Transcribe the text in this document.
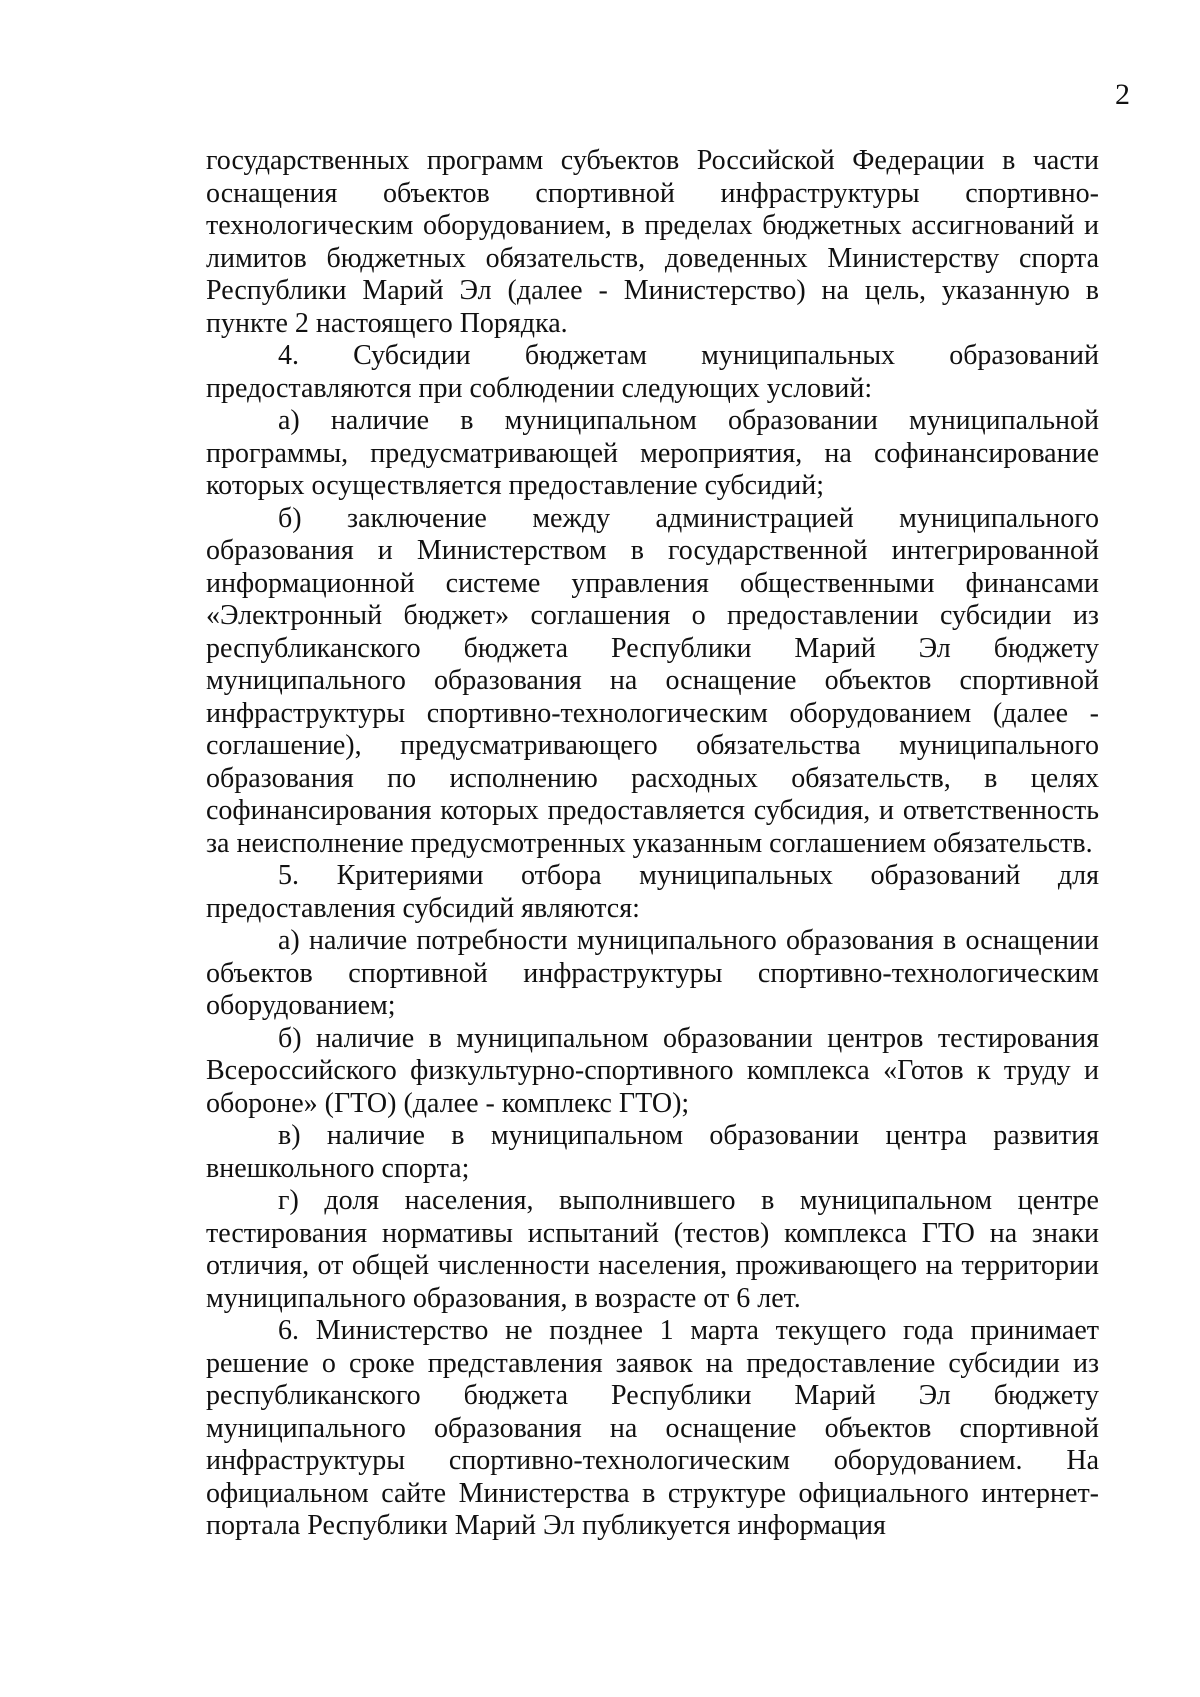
2

государственных программ субъектов Российской Федерации в части оснащения объектов спортивной инфраструктуры спортивно-технологическим оборудованием, в пределах бюджетных ассигнований и лимитов бюджетных обязательств, доведенных Министерству спорта Республики Марий Эл (далее - Министерство) на цель, указанную в пункте 2 настоящего Порядка.

4. Субсидии бюджетам муниципальных образований предоставляются при соблюдении следующих условий:

а) наличие в муниципальном образовании муниципальной программы, предусматривающей мероприятия, на софинансирование которых осуществляется предоставление субсидий;

б) заключение между администрацией муниципального образования и Министерством в государственной интегрированной информационной системе управления общественными финансами «Электронный бюджет» соглашения о предоставлении субсидии из республиканского бюджета Республики Марий Эл бюджету муниципального образования на оснащение объектов спортивной инфраструктуры спортивно-технологическим оборудованием (далее - соглашение), предусматривающего обязательства муниципального образования по исполнению расходных обязательств, в целях софинансирования которых предоставляется субсидия, и ответственность за неисполнение предусмотренных указанным соглашением обязательств.

5. Критериями отбора муниципальных образований для предоставления субсидий являются:

а) наличие потребности муниципального образования в оснащении объектов спортивной инфраструктуры спортивно-технологическим оборудованием;

б) наличие в муниципальном образовании центров тестирования Всероссийского физкультурно-спортивного комплекса «Готов к труду и обороне» (ГТО) (далее - комплекс ГТО);

в) наличие в муниципальном образовании центра развития внешкольного спорта;

г) доля населения, выполнившего в муниципальном центре тестирования нормативы испытаний (тестов) комплекса ГТО на знаки отличия, от общей численности населения, проживающего на территории муниципального образования, в возрасте от 6 лет.

6. Министерство не позднее 1 марта текущего года принимает решение о сроке представления заявок на предоставление субсидии из республиканского бюджета Республики Марий Эл бюджету муниципального образования на оснащение объектов спортивной инфраструктуры спортивно-технологическим оборудованием. На официальном сайте Министерства в структуре официального интернет-портала Республики Марий Эл публикуется информация
